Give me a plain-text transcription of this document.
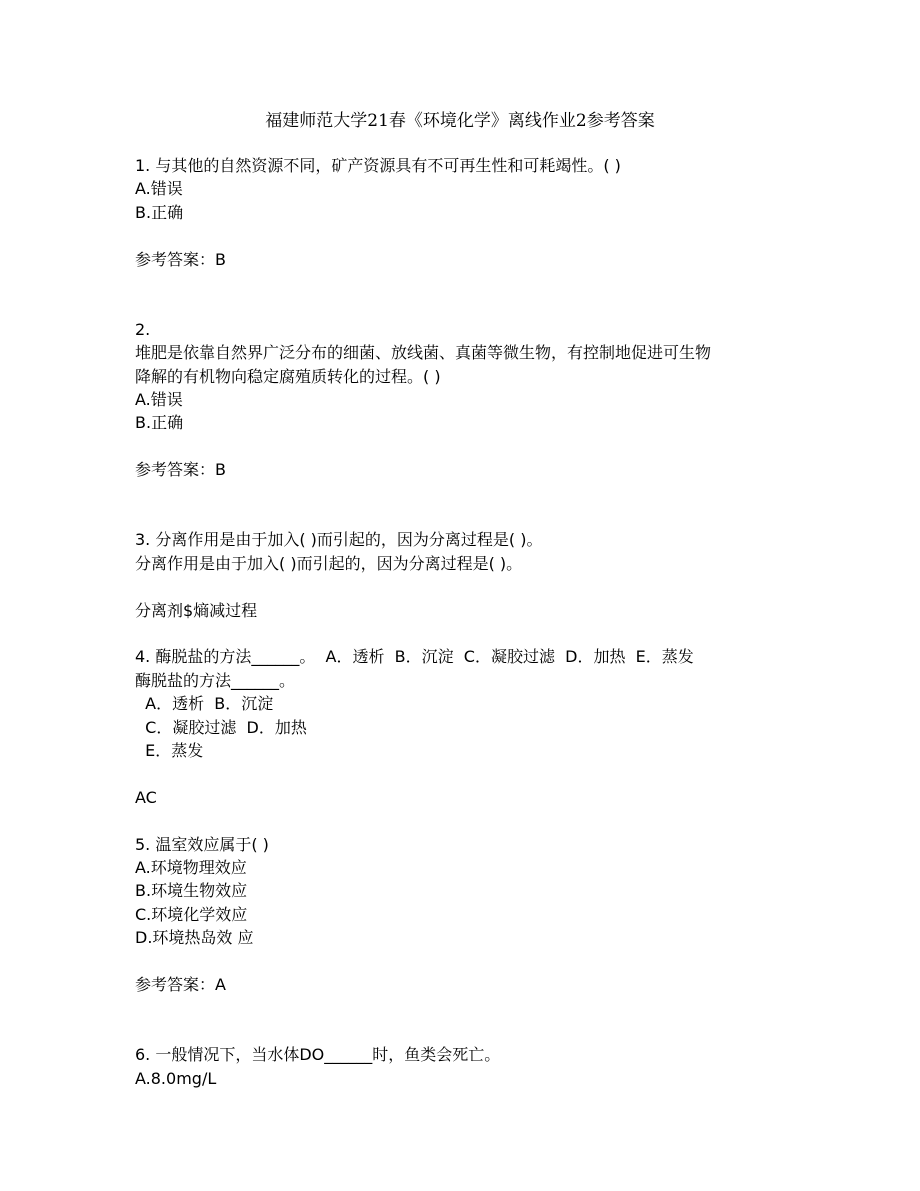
福建师范大学21春《环境化学》离线作业2参考答案
1. 与其他的自然资源不同，矿产资源具有不可再生性和可耗竭性。( )
A.错误
B.正确
参考答案：B
2.
堆肥是依靠自然界广泛分布的细菌、放线菌、真菌等微生物，有控制地促进可生物
降解的有机物向稳定腐殖质转化的过程。( )
A.错误
B.正确
参考答案：B
3. 分离作用是由于加入( )而引起的，因为分离过程是( )。
分离作用是由于加入( )而引起的，因为分离过程是( )。
分离剂$熵减过程
4. 酶脱盐的方法______。  A．透析  B．沉淀  C．凝胶过滤  D．加热  E．蒸发
酶脱盐的方法______。
A．透析  B．沉淀
C．凝胶过滤  D．加热
E．蒸发
AC
5. 温室效应属于( )
A.环境物理效应
B.环境生物效应
C.环境化学效应
D.环境热岛效 应
参考答案：A
6. 一般情况下，当水体DO______时，鱼类会死亡。
A.8.0mg/L
